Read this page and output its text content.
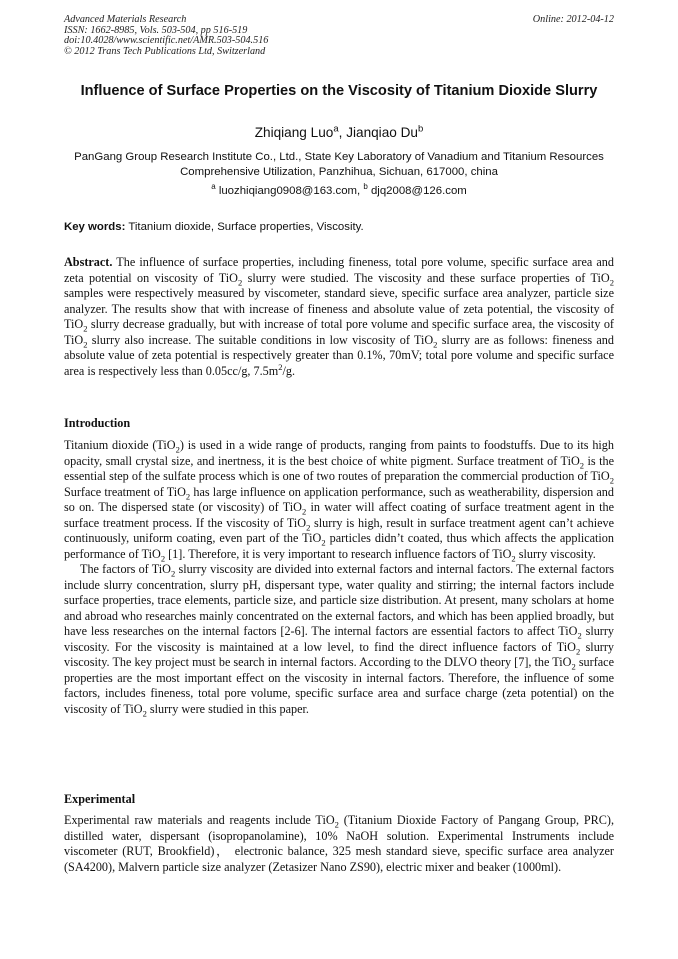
Advanced Materials Research
ISSN: 1662-8985, Vols. 503-504, pp 516-519
doi:10.4028/www.scientific.net/AMR.503-504.516
© 2012 Trans Tech Publications Ltd, Switzerland
Online: 2012-04-12
Influence of Surface Properties on the Viscosity of Titanium Dioxide Slurry
Zhiqiang Luo$^a$, Jianqiao Du$^b$
PanGang Group Research Institute Co., Ltd., State Key Laboratory of Vanadium and Titanium Resources Comprehensive Utilization, Panzhihua, Sichuan, 617000, china
$^a$ luozhiqiang0908@163.com, $^b$ djq2008@126.com
Key words: Titanium dioxide, Surface properties, Viscosity.

Abstract. The influence of surface properties, including fineness, total pore volume, specific surface area and zeta potential on viscosity of TiO$_2$ slurry were studied. The viscosity and these surface properties of TiO$_2$ samples were respectively measured by viscometer, standard sieve, specific surface area analyzer, particle size analyzer. The results show that with increase of fineness and absolute value of zeta potential, the viscosity of TiO$_2$ slurry decrease gradually, but with increase of total pore volume and specific surface area, the viscosity of TiO$_2$ slurry also increase. The suitable conditions in low viscosity of TiO$_2$ slurry are as follows: fineness and absolute value of zeta potential is respectively greater than 0.1%, 70mV; total pore volume and specific surface area is respectively less than 0.05cc/g, $7.5m^2/g$.

Introduction

Titanium dioxide (TiO$_2$) is used in a wide range of products, ranging from paints to foodstuffs. Due to its high opacity, small crystal size, and inertness, it is the best choice of white pigment. Surface treatment of TiO$_2$ is the essential step of the sulfate process which is one of two routes of preparation the commercial production of TiO$_2$ Surface treatment of TiO$_2$ has large influence on application performance, such as weatherability, dispersion and so on. The dispersed state (or viscosity) of TiO$_2$ in water will affect coating of surface treatment agent in the surface treatment process. If the viscosity of TiO$_2$ slurry is high, result in surface treatment agent can’t achieve continuously, uniform coating, even part of the TiO$_2$ particles didn’t coated, thus which affects the application performance of TiO$_2$ [1]. Therefore, it is very important to research influence factors of TiO$_2$ slurry viscosity.

The factors of TiO$_2$ slurry viscosity are divided into external factors and internal factors. The external factors include slurry concentration, slurry pH, dispersant type, water quality and stirring; the internal factors include surface properties, trace elements, particle size, and particle size distribution. At present, many scholars at home and abroad who researches mainly concentrated on the external factors, and which has been applied broadly, but have less researches on the internal factors [2-6]. The internal factors are essential factors to affect TiO$_2$ slurry viscosity. For the viscosity is maintained at a low level, to find the direct influence factors of TiO$_2$ slurry viscosity. The key project must be search in internal factors. According to the DLVO theory [7], the TiO$_2$ surface properties are the most important effect on the viscosity in internal factors. Therefore, the influence of some factors, includes fineness, total pore volume, specific surface area and surface charge (zeta potential) on the viscosity of TiO$_2$ slurry were studied in this paper.

Experimental

Experimental raw materials and reagents include TiO$_2$ (Titanium Dioxide Factory of Pangang Group, PRC), distilled water, dispersant (isopropanolamine), 10% NaOH solution. Experimental Instruments include viscometer (RUT, Brookfield)， electronic balance, 325 mesh standard sieve, specific surface area analyzer (SA4200), Malvern particle size analyzer (Zetasizer Nano ZS90), electric mixer and beaker (1000ml).
